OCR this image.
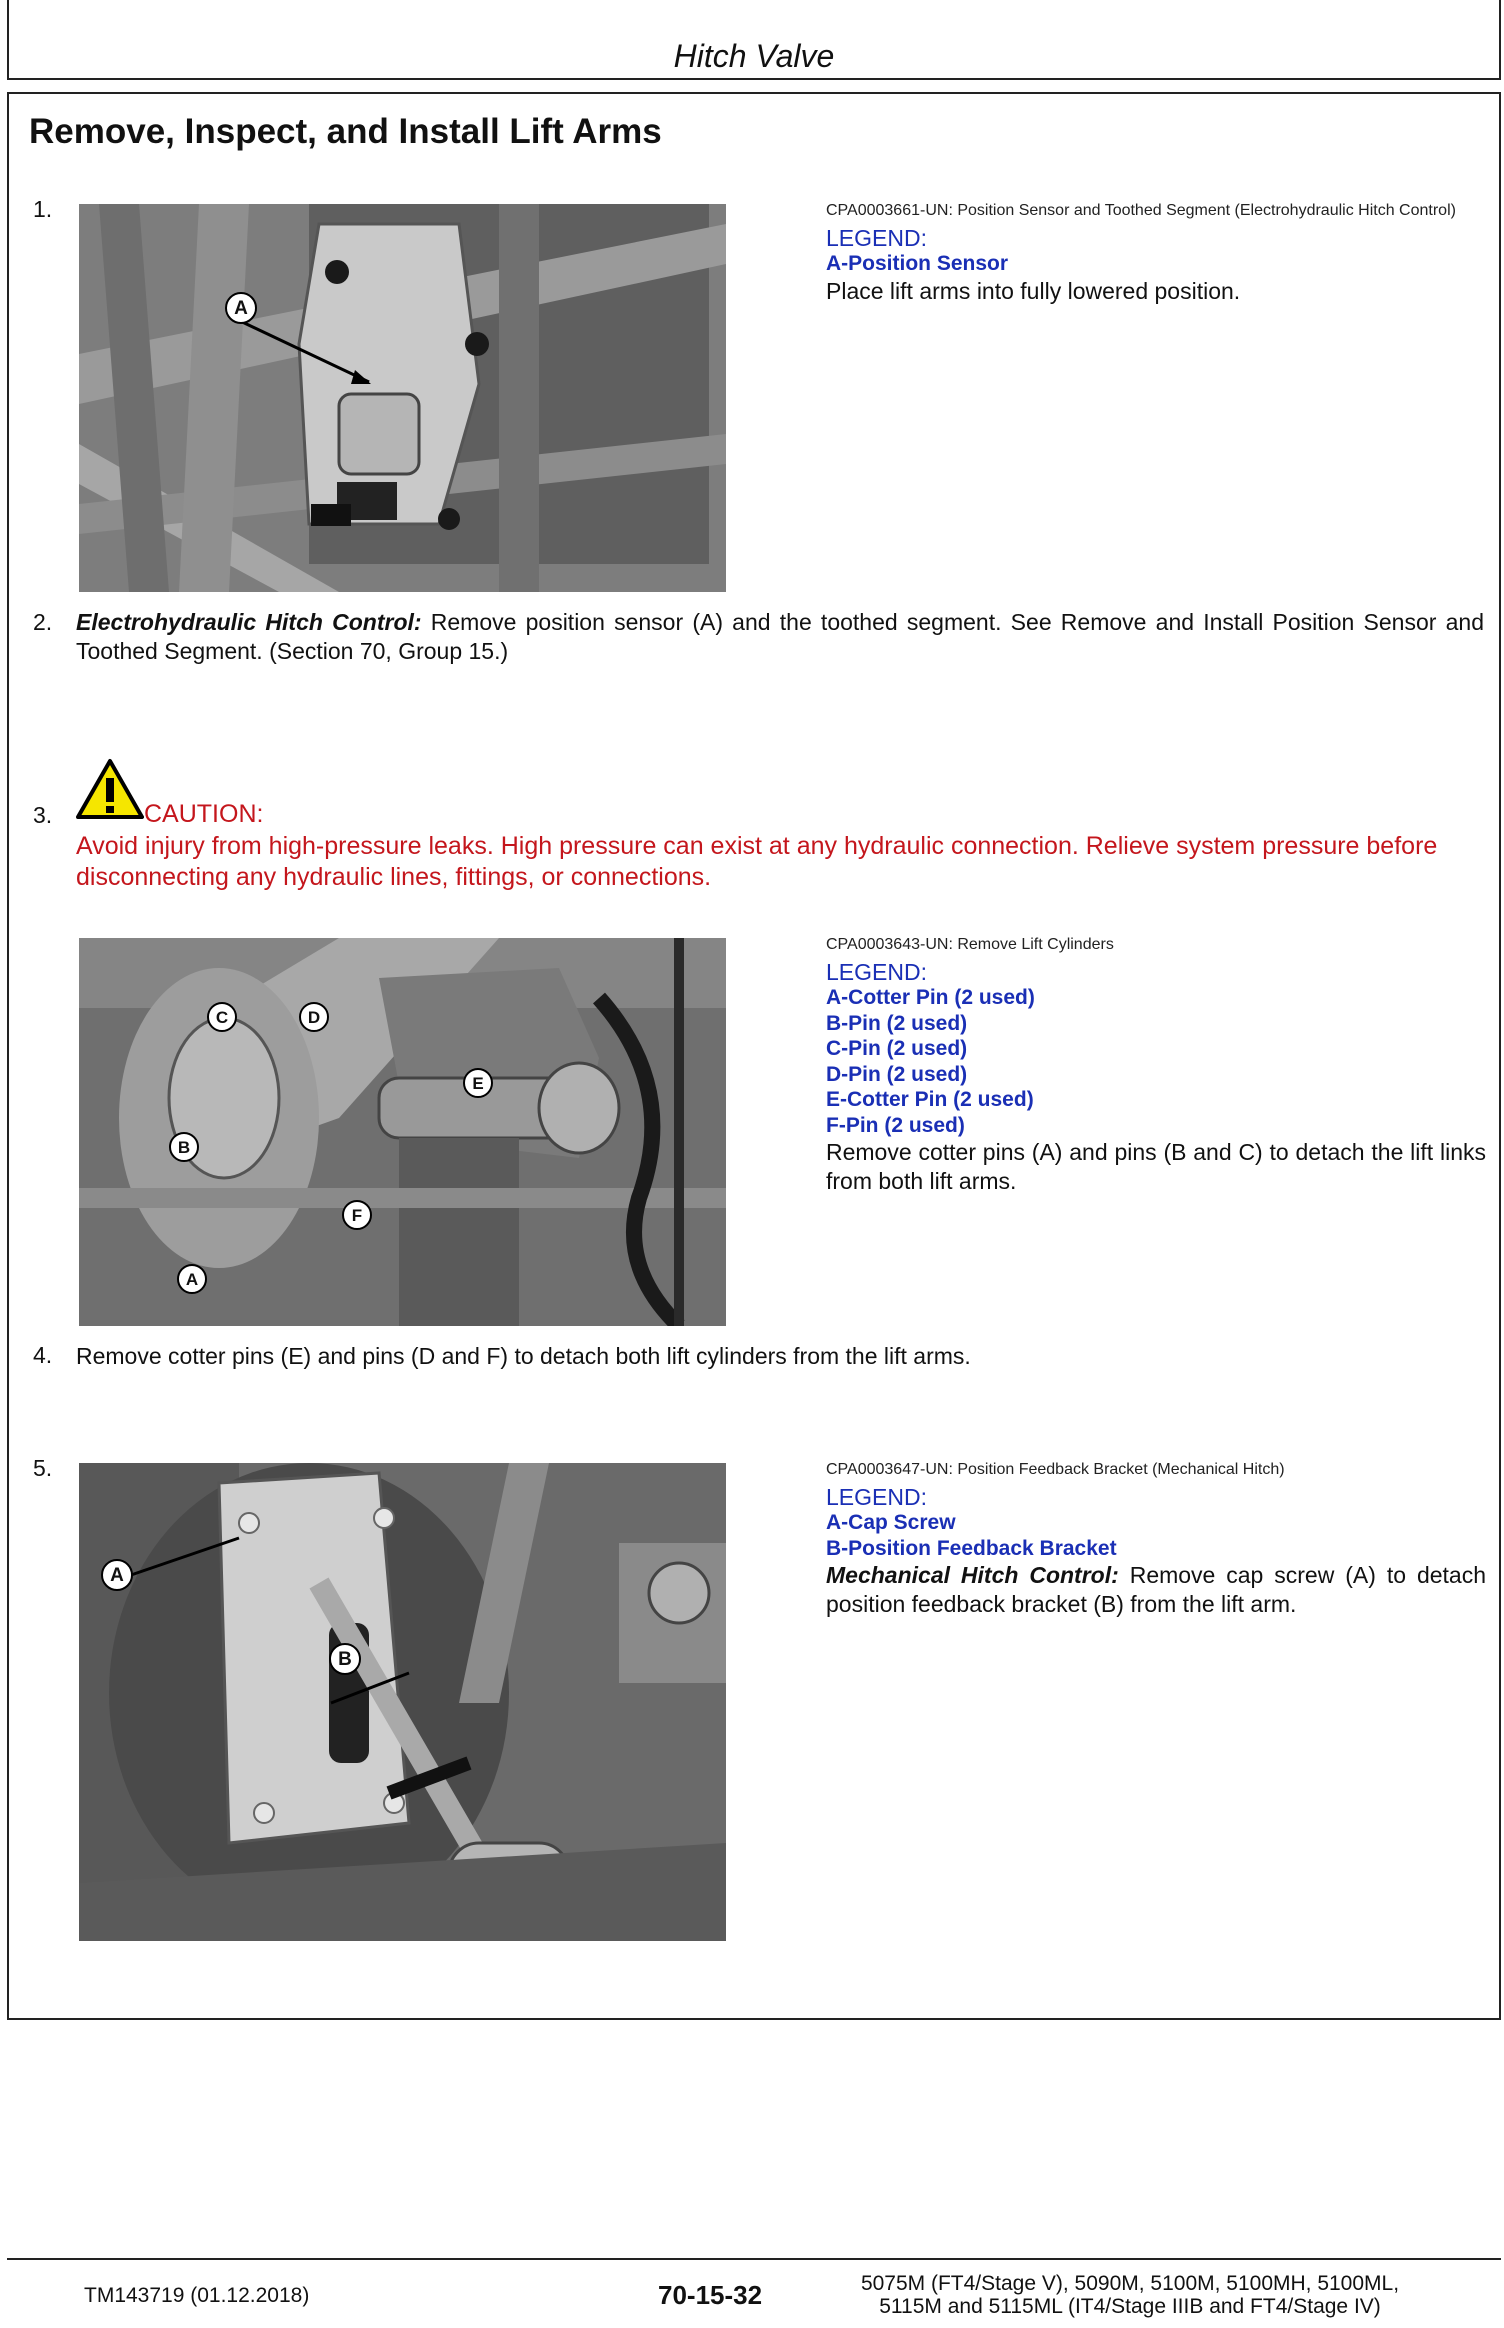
Hitch Valve
Remove, Inspect, and Install Lift Arms
1.
A
CPA0003661-UN: Position Sensor and Toothed Segment (Electrohydraulic Hitch Control)
LEGEND:
A-Position Sensor
Place lift arms into fully lowered position.
2. Electrohydraulic Hitch Control: Remove position sensor (A) and the toothed segment. See Remove and Install Position Sensor and Toothed Segment. (Section 70, Group 15.)
3.	CAUTION:
Avoid injury from high-pressure leaks. High pressure can exist at any hydraulic connection. Relieve system pressure before disconnecting any hydraulic lines, fittings, or connections.
C	D
E
B
F
A
CPA0003643-UN: Remove Lift Cylinders
LEGEND:
A-Cotter Pin (2 used)
B-Pin (2 used)
C-Pin (2 used)
D-Pin (2 used)
E-Cotter Pin (2 used)
F-Pin (2 used)
Remove cotter pins (A) and pins (B and C) to detach the lift links from both lift arms.
4. Remove cotter pins (E) and pins (D and F) to detach both lift cylinders from the lift arms.
5.
A
B
CPA0003647-UN: Position Feedback Bracket (Mechanical Hitch)
LEGEND:
A-Cap Screw
B-Position Feedback Bracket
Mechanical Hitch Control: Remove cap screw (A) to detach position feedback bracket (B) from the lift arm.
TM143719 (01.12.2018)	70-15-32	5075M (FT4/Stage V), 5090M, 5100M, 5100MH, 5100ML,
5115M and 5115ML (IT4/Stage IIIB and FT4/Stage IV)
